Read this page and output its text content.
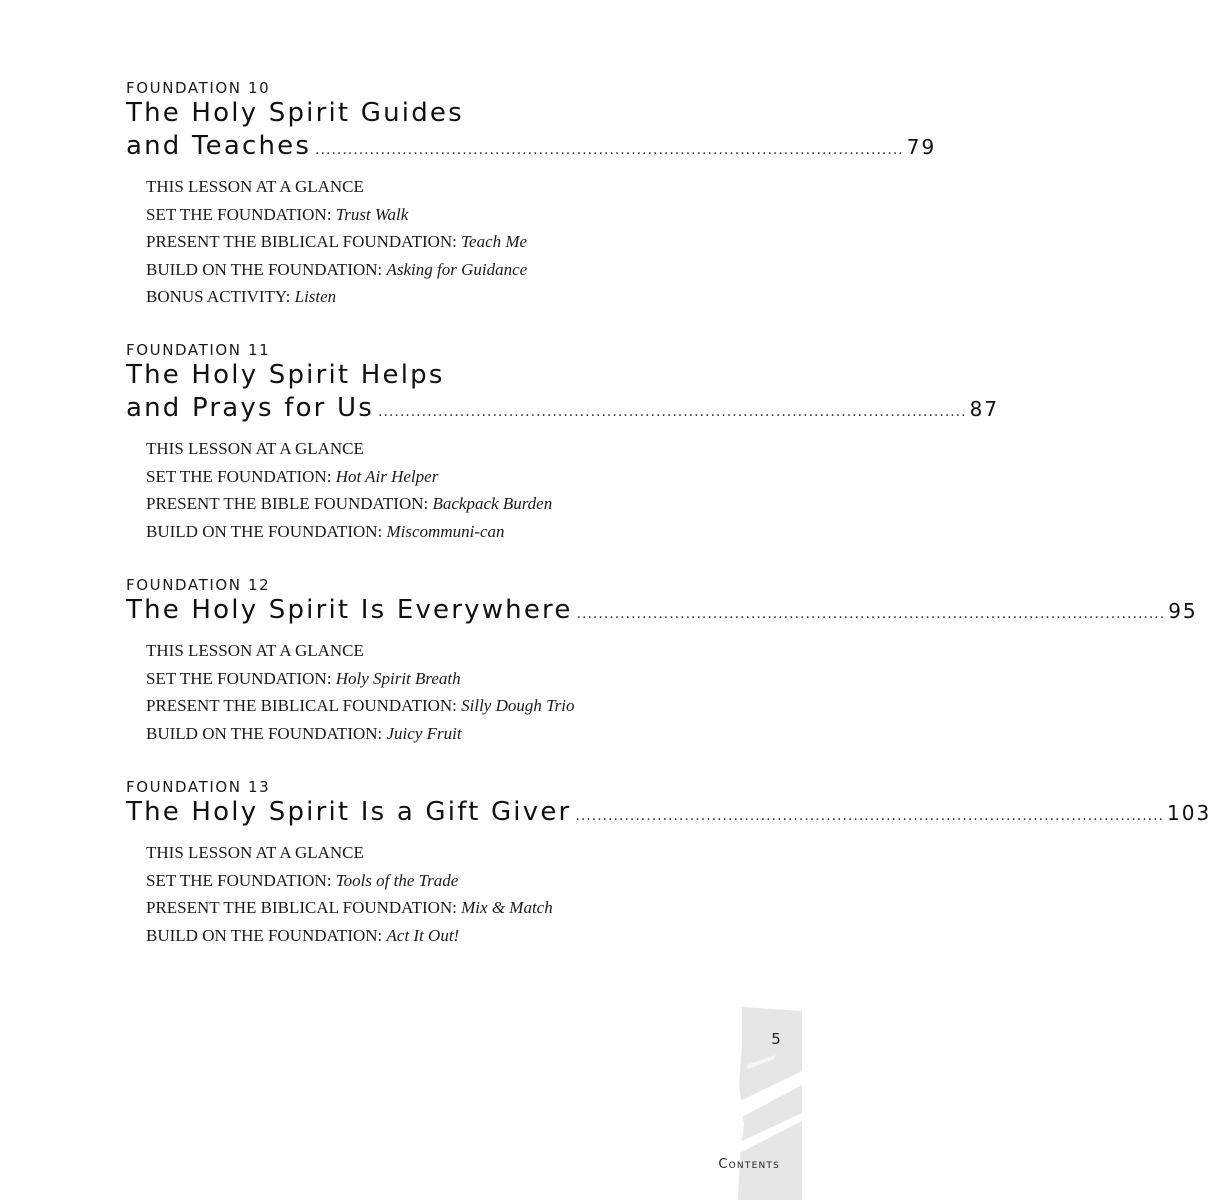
FOUNDATION 10
The Holy Spirit Guides
and Teaches ............................................................................................................ 79
THIS LESSON AT A GLANCE
SET THE FOUNDATION: Trust Walk
PRESENT THE BIBLICAL FOUNDATION: Teach Me
BUILD ON THE FOUNDATION: Asking for Guidance
BONUS ACTIVITY: Listen
FOUNDATION 11
The Holy Spirit Helps
and Prays for Us ............................................................................................................ 87
THIS LESSON AT A GLANCE
SET THE FOUNDATION: Hot Air Helper
PRESENT THE BIBLE FOUNDATION: Backpack Burden
BUILD ON THE FOUNDATION: Miscommuni-can
FOUNDATION 12
The Holy Spirit Is Everywhere ............................................................................................................ 95
THIS LESSON AT A GLANCE
SET THE FOUNDATION: Holy Spirit Breath
PRESENT THE BIBLICAL FOUNDATION: Silly Dough Trio
BUILD ON THE FOUNDATION: Juicy Fruit
FOUNDATION 13
The Holy Spirit Is a Gift Giver ............................................................................................................ 103
THIS LESSON AT A GLANCE
SET THE FOUNDATION: Tools of the Trade
PRESENT THE BIBLICAL FOUNDATION: Mix & Match
BUILD ON THE FOUNDATION: Act It Out!
5
Contents
